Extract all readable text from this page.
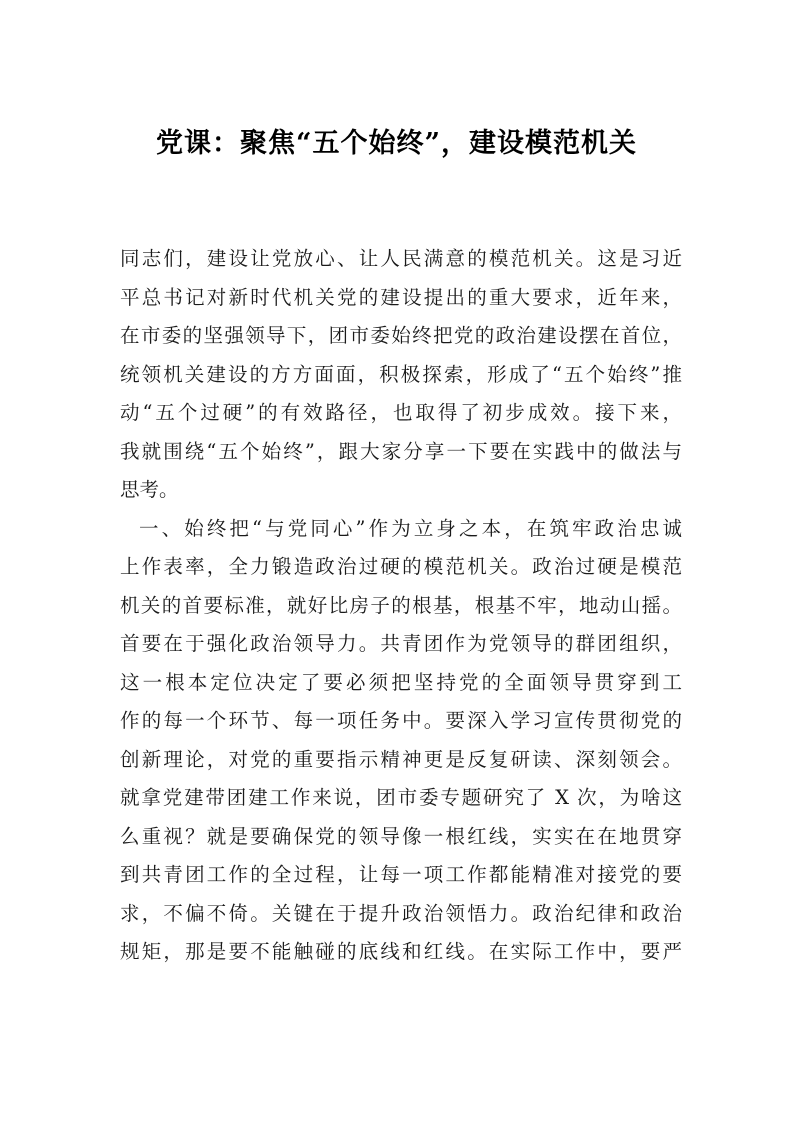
党课：聚焦“五个始终”，建设模范机关

同志们，建设让党放心、让人民满意的模范机关。这是习近

平总书记对新时代机关党的建设提出的重大要求，近年来，

在市委的坚强领导下，团市委始终把党的政治建设摆在首位，

统领机关建设的方方面面，积极探索，形成了“五个始终”推

动“五个过硬”的有效路径，也取得了初步成效。接下来，

我就围绕“五个始终”，跟大家分享一下要在实践中的做法与

思考。

一、始终把“与党同心”作为立身之本，在筑牢政治忠诚

上作表率，全力锻造政治过硬的模范机关。政治过硬是模范

机关的首要标准，就好比房子的根基，根基不牢，地动山摇。

首要在于强化政治领导力。共青团作为党领导的群团组织，

这一根本定位决定了要必须把坚持党的全面领导贯穿到工

作的每一个环节、每一项任务中。要深入学习宣传贯彻党的

创新理论，对党的重要指示精神更是反复研读、深刻领会。

就拿党建带团建工作来说，团市委专题研究了 X 次，为啥这

么重视？就是要确保党的领导像一根红线，实实在在地贯穿

到共青团工作的全过程，让每一项工作都能精准对接党的要

求，不偏不倚。关键在于提升政治领悟力。政治纪律和政治

规矩，那是要不能触碰的底线和红线。在实际工作中，要严
